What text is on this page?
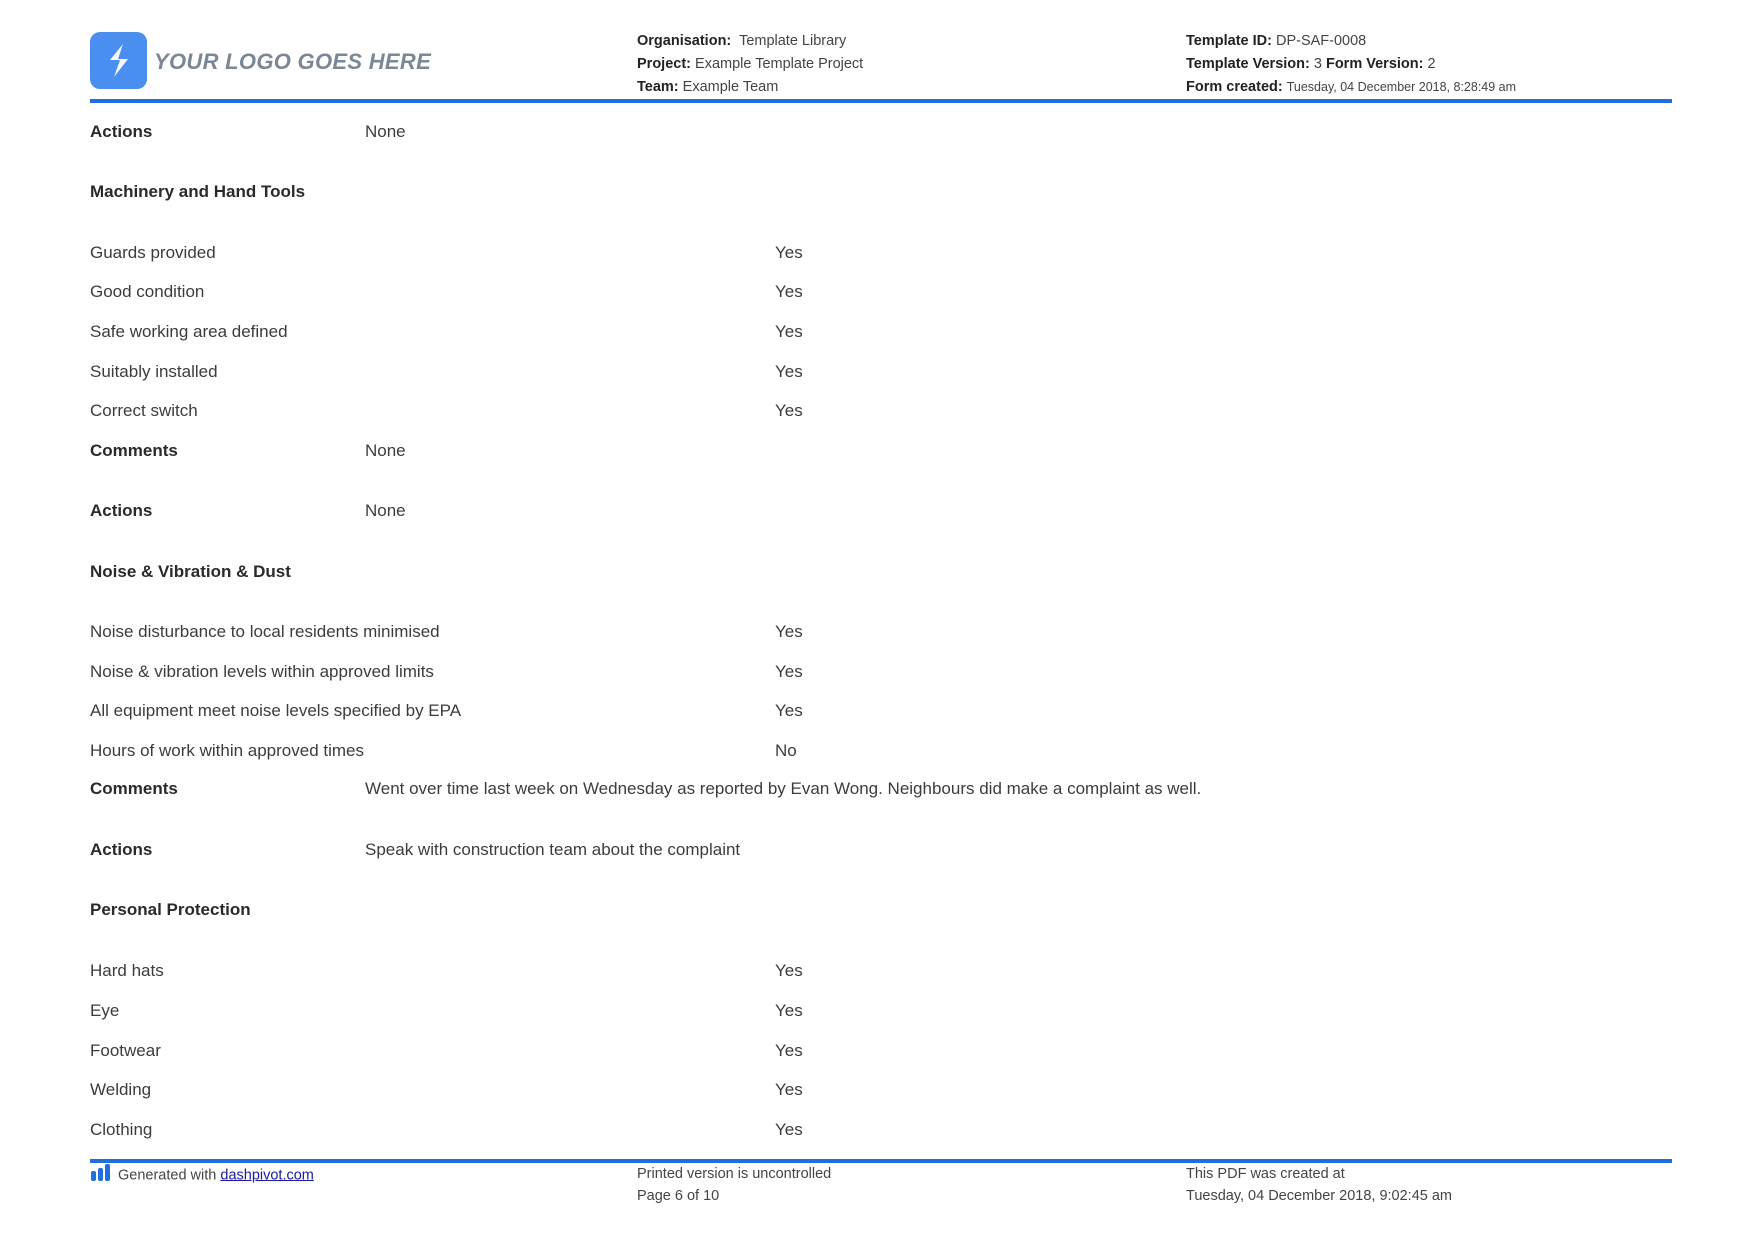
YOUR LOGO GOES HERE
Organisation: Template Library
Project: Example Template Project
Team: Example Team
Template ID: DP-SAF-0008
Template Version: 3 Form Version: 2
Form created: Tuesday, 04 December 2018, 8:28:49 am
Actions	None
Machinery and Hand Tools
Guards provided	Yes
Good condition	Yes
Safe working area defined	Yes
Suitably installed	Yes
Correct switch	Yes
Comments	None
Actions	None
Noise & Vibration & Dust
Noise disturbance to local residents minimised	Yes
Noise & vibration levels within approved limits	Yes
All equipment meet noise levels specified by EPA	Yes
Hours of work within approved times	No
Comments	Went over time last week on Wednesday as reported by Evan Wong. Neighbours did make a complaint as well.
Actions	Speak with construction team about the complaint
Personal Protection
Hard hats	Yes
Eye	Yes
Footwear	Yes
Welding	Yes
Clothing	Yes
Generated with dashpivot.com	Printed version is uncontrolled
Page 6 of 10
This PDF was created at
Tuesday, 04 December 2018, 9:02:45 am
